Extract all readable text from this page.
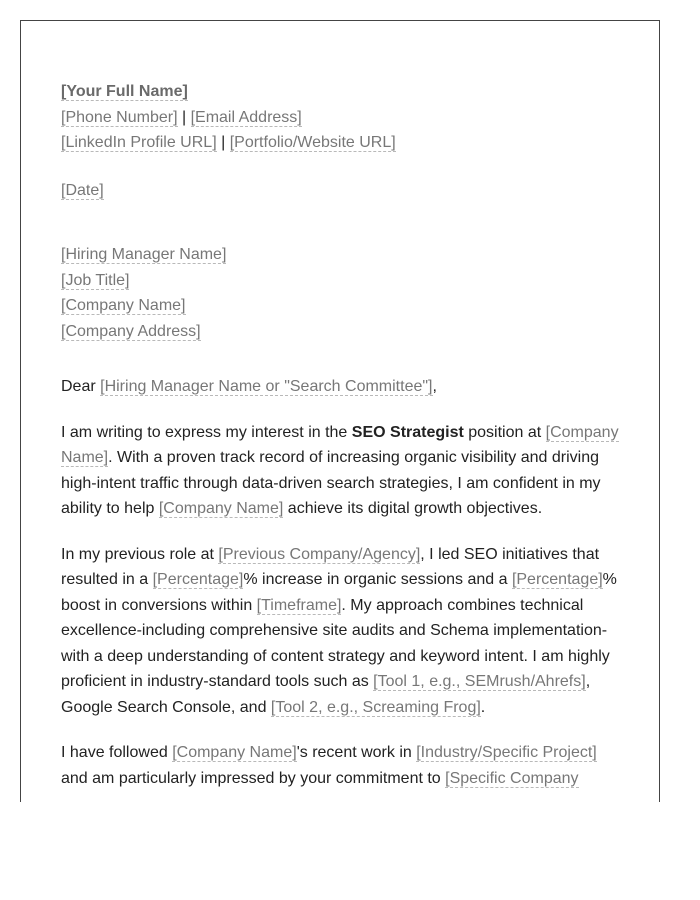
[Your Full Name]
[Phone Number] | [Email Address]
[LinkedIn Profile URL] | [Portfolio/Website URL]
[Date]
[Hiring Manager Name]
[Job Title]
[Company Name]
[Company Address]
Dear [Hiring Manager Name or "Search Committee"],

I am writing to express my interest in the SEO Strategist position at [Company Name]. With a proven track record of increasing organic visibility and driving high-intent traffic through data-driven search strategies, I am confident in my ability to help [Company Name] achieve its digital growth objectives.

In my previous role at [Previous Company/Agency], I led SEO initiatives that resulted in a [Percentage]% increase in organic sessions and a [Percentage]% boost in conversions within [Timeframe]. My approach combines technical excellence-including comprehensive site audits and Schema implementation-with a deep understanding of content strategy and keyword intent. I am highly proficient in industry-standard tools such as [Tool 1, e.g., SEMrush/Ahrefs], Google Search Console, and [Tool 2, e.g., Screaming Frog].

I have followed [Company Name]'s recent work in [Industry/Specific Project] and am particularly impressed by your commitment to [Specific Company
